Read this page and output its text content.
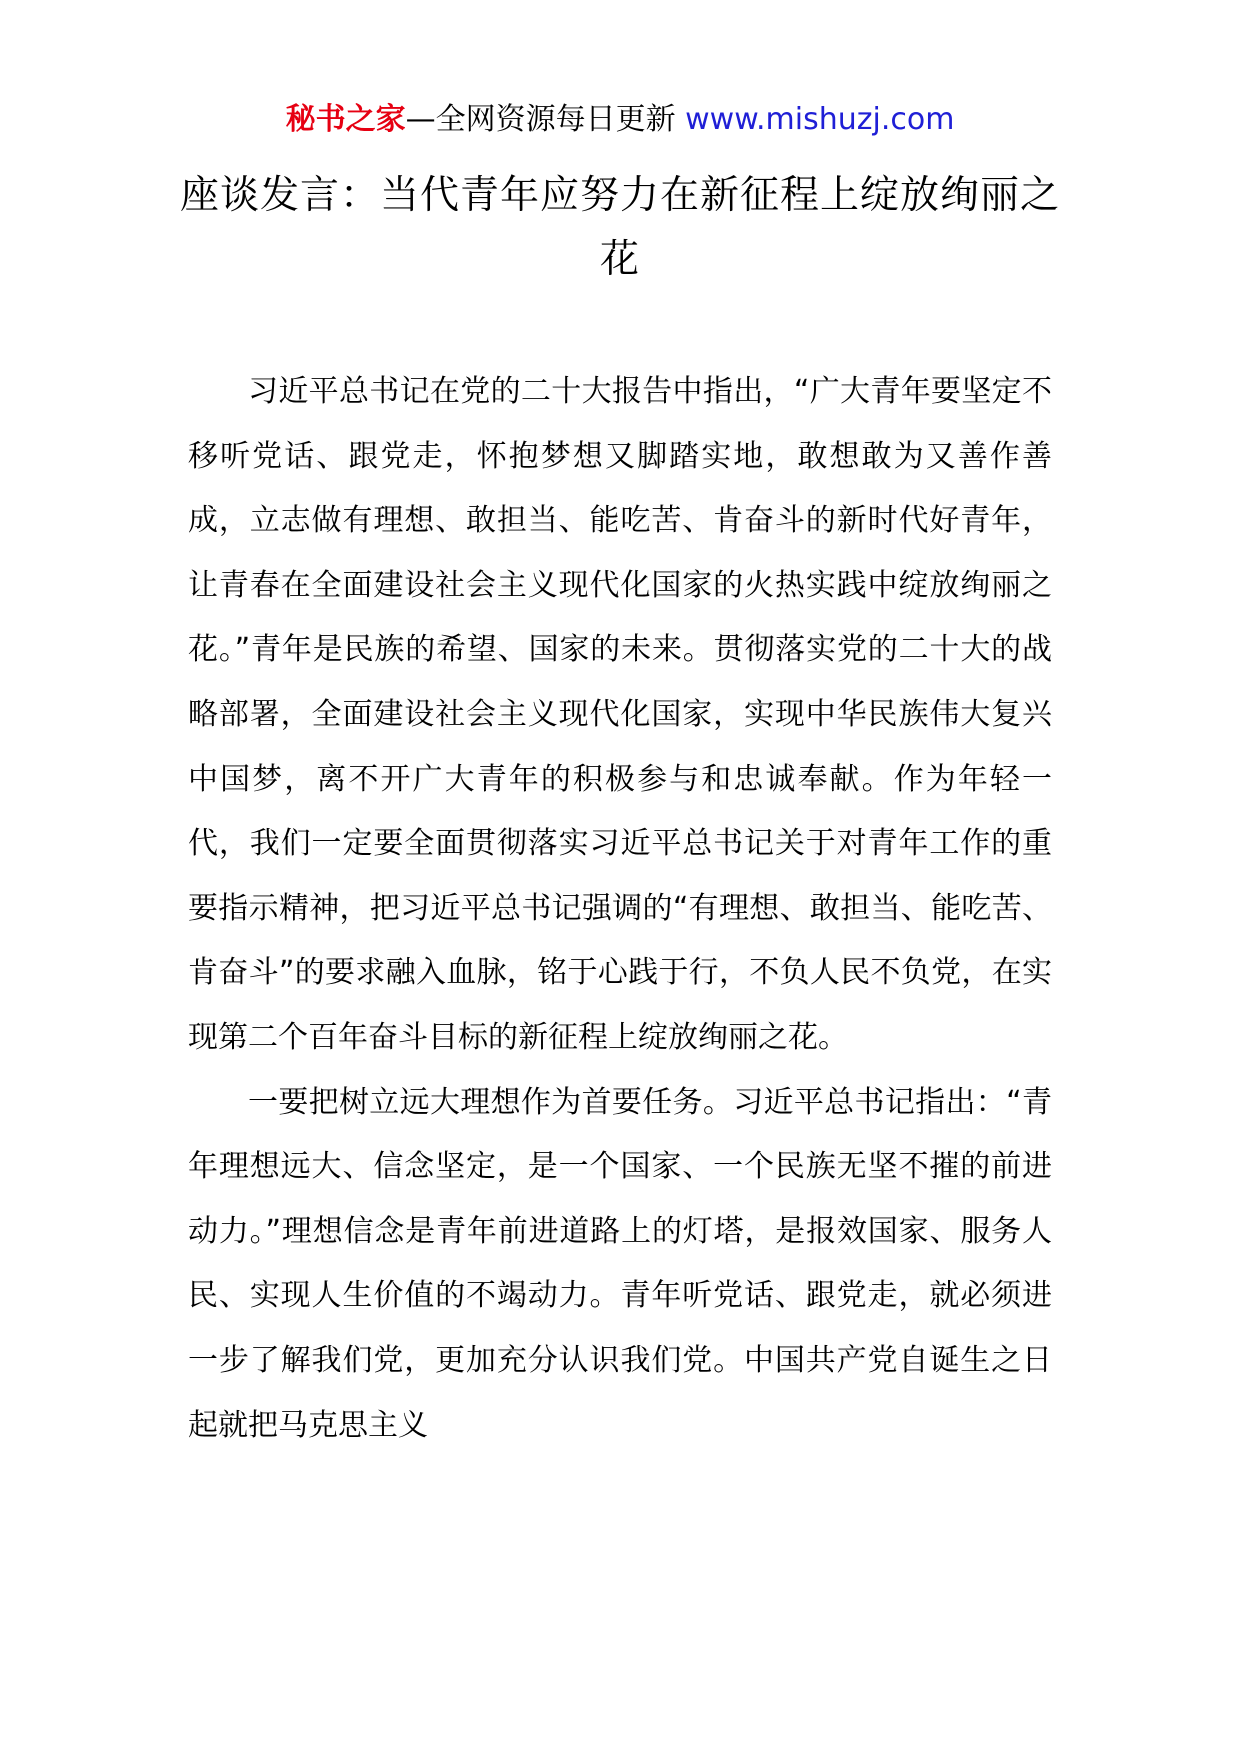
秘书之家—全网资源每日更新 www.mishuzj.com
座谈发言：当代青年应努力在新征程上绽放绚丽之花

习近平总书记在党的二十大报告中指出，“广大青年要坚定不移听党话、跟党走，怀抱梦想又脚踏实地，敢想敢为又善作善成，立志做有理想、敢担当、能吃苦、肯奋斗的新时代好青年，让青春在全面建设社会主义现代化国家的火热实践中绽放绚丽之花。”青年是民族的希望、国家的未来。贯彻落实党的二十大的战略部署，全面建设社会主义现代化国家，实现中华民族伟大复兴中国梦，离不开广大青年的积极参与和忠诚奉献。作为年轻一代，我们一定要全面贯彻落实习近平总书记关于对青年工作的重要指示精神，把习近平总书记强调的“有理想、敢担当、能吃苦、肯奋斗”的要求融入血脉，铭于心践于行，不负人民不负党，在实现第二个百年奋斗目标的新征程上绽放绚丽之花。

一要把树立远大理想作为首要任务。习近平总书记指出：“青年理想远大、信念坚定，是一个国家、一个民族无坚不摧的前进动力。”理想信念是青年前进道路上的灯塔，是报效国家、服务人民、实现人生价值的不竭动力。青年听党话、跟党走，就必须进一步了解我们党，更加充分认识我们党。中国共产党自诞生之日起就把马克思主义
